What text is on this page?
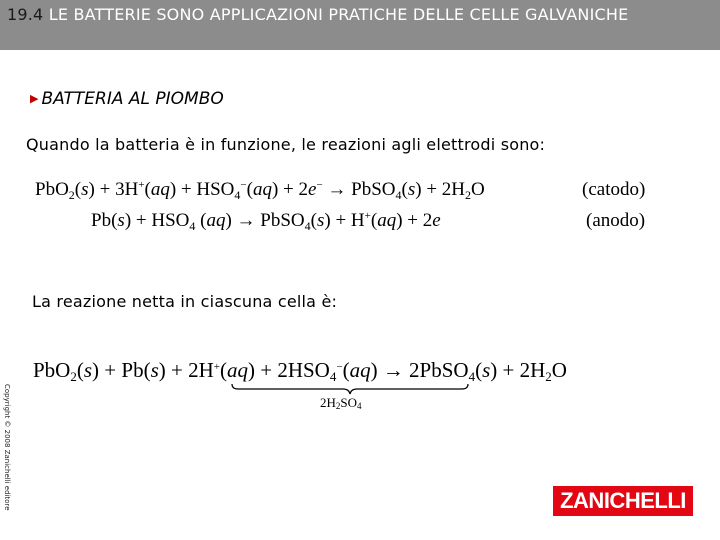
19.4 LE BATTERIE SONO APPLICAZIONI PRATICHE DELLE CELLE GALVANICHE
▶ BATTERIA AL PIOMBO
Quando la batteria è in funzione, le reazioni agli elettrodi sono:
$PbO_2(s) + 3H^+(aq) + HSO_4^-(aq) + 2e^-$ → PbSO$_4$(s) + $2H_2O$	(catodo)
$Pb(s) + HSO_4$ (aq) → PbSO$_4$(s) + H+(aq) + 2e	(anodo)
La reazione netta in ciascuna cella è:
$PbO_2(s) + Pb(s) + 2H^+(aq) + 2HSO_4^-(aq)$ → 2PbSO$_4$(s) + $2H_2O$
$2H_2SO_4$
Copyright © 2008 Zanichelli editore	ZANICHELLI
